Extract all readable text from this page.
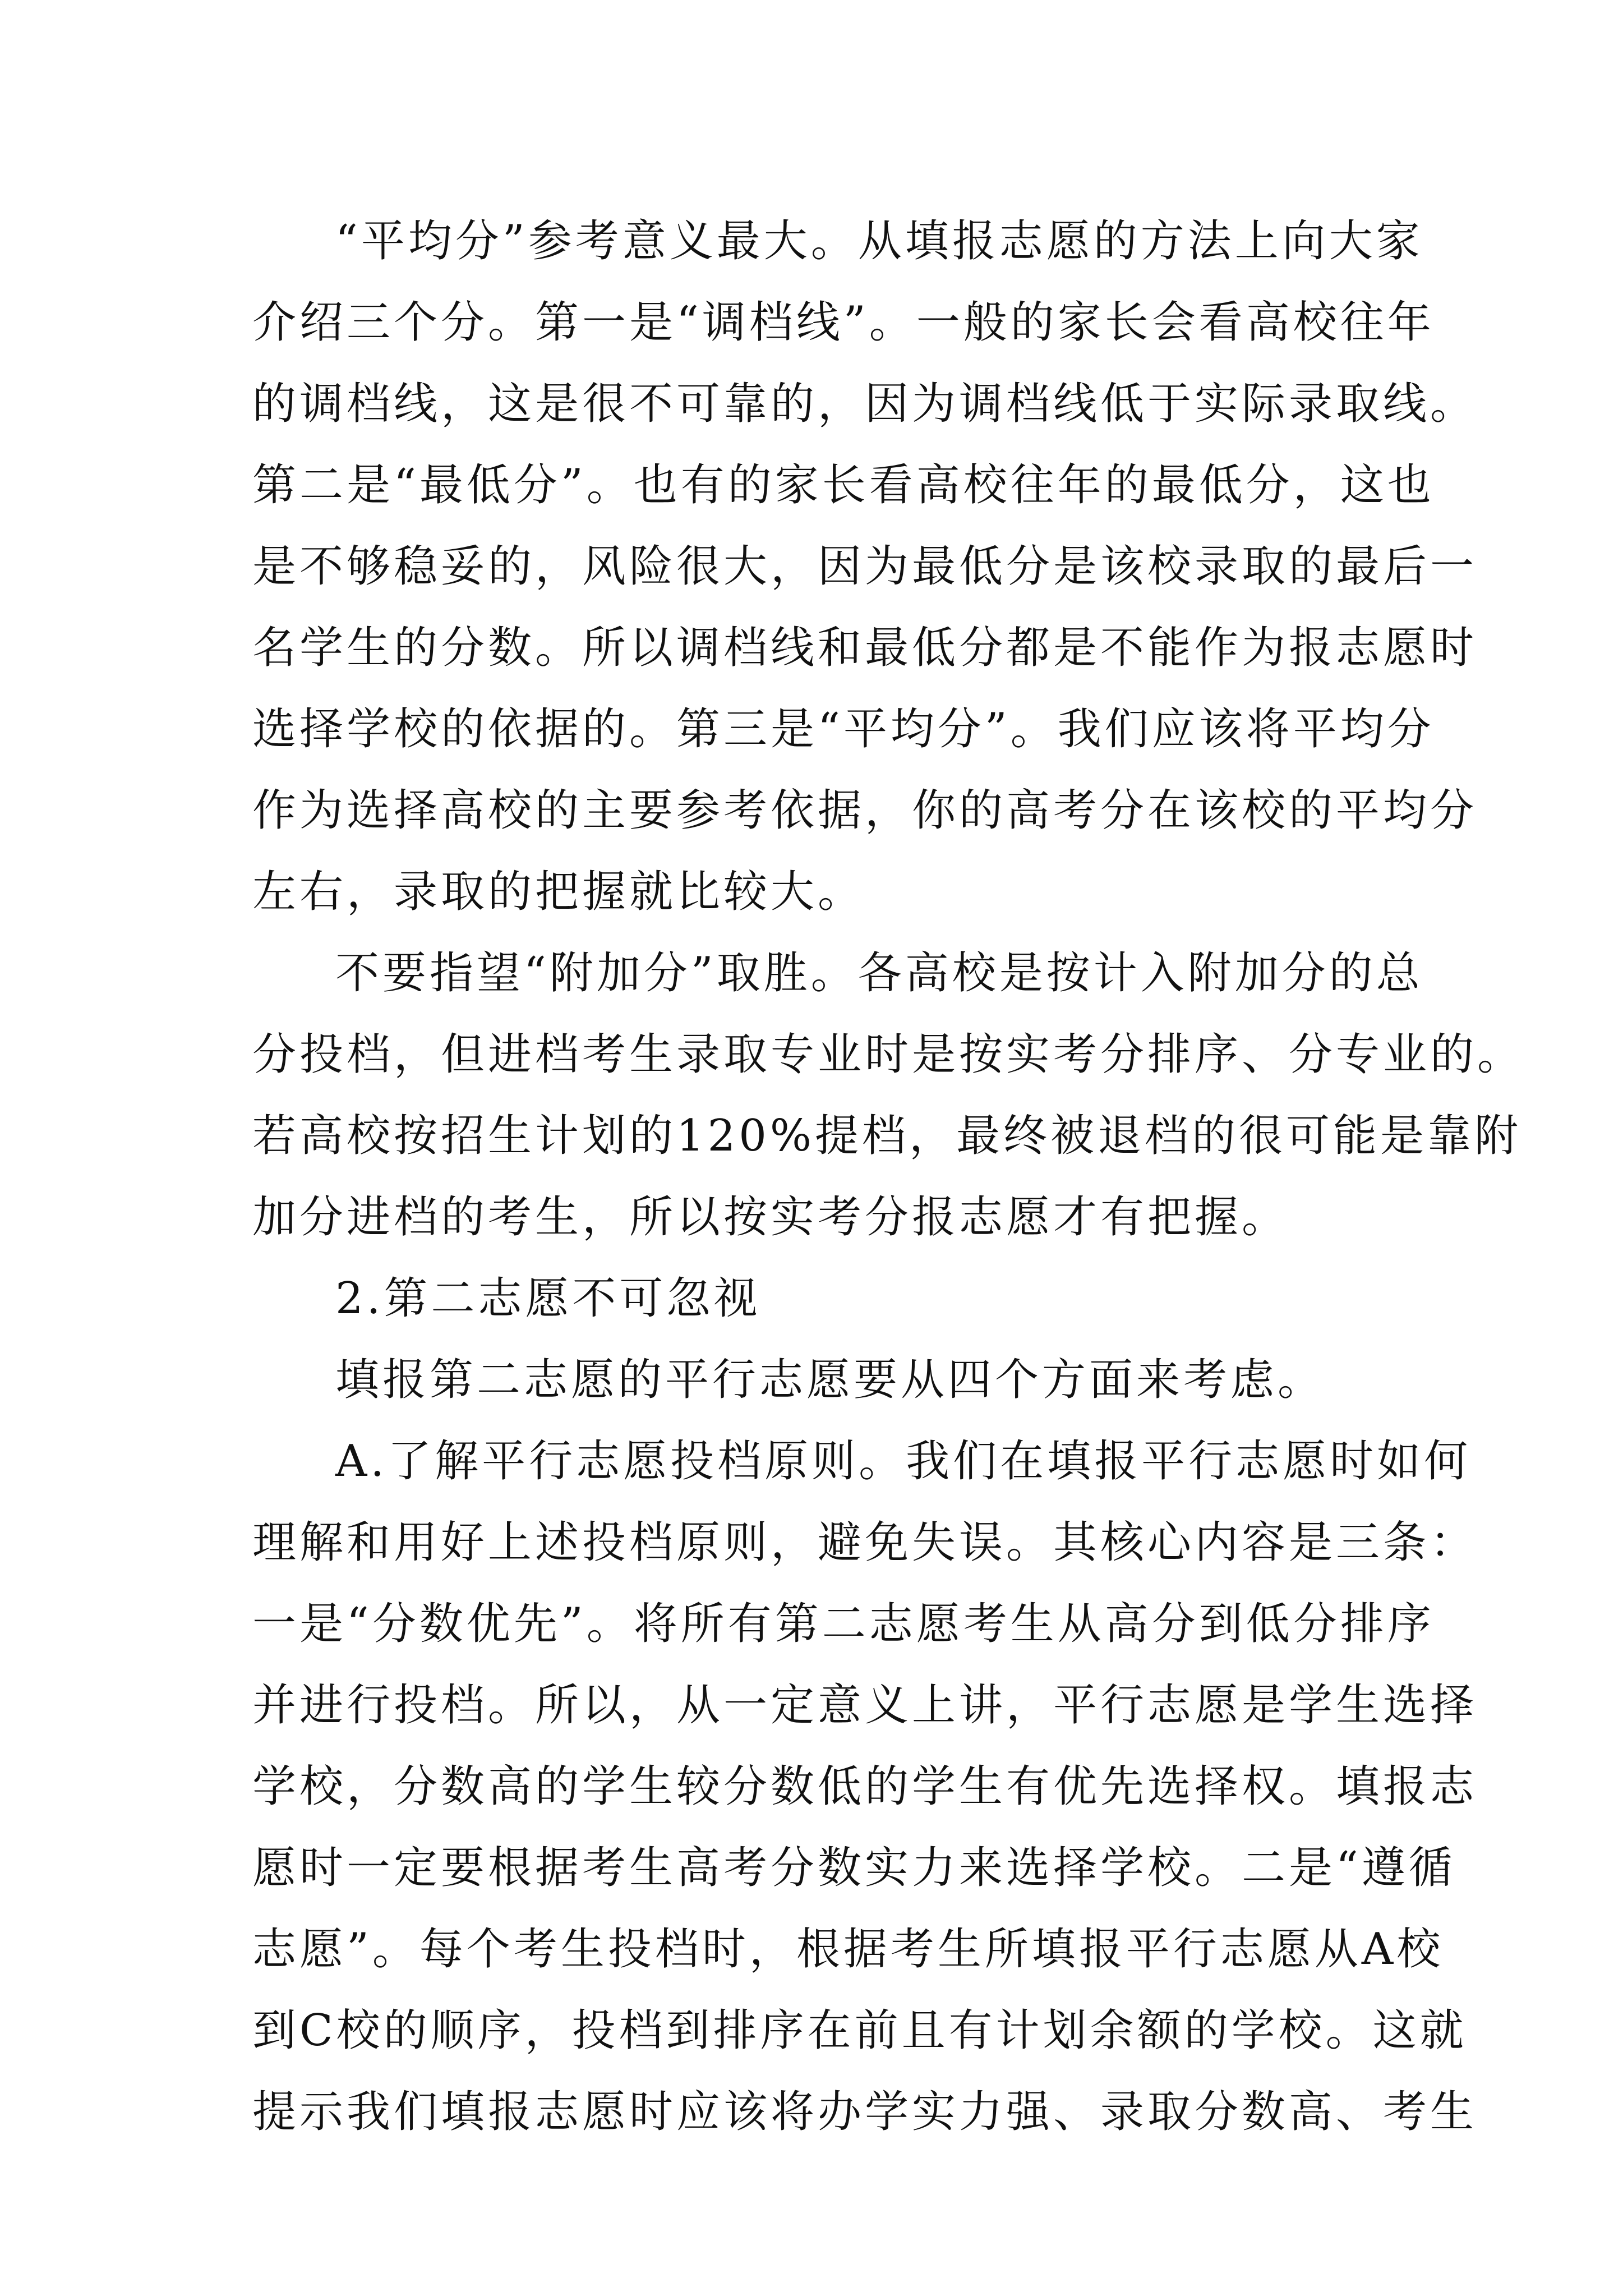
“平均分”参考意义最大。从填报志愿的方法上向大家
介绍三个分。第一是“调档线”。一般的家长会看高校往年
的调档线，这是很不可靠的，因为调档线低于实际录取线。
第二是“最低分”。也有的家长看高校往年的最低分，这也
是不够稳妥的，风险很大，因为最低分是该校录取的最后一
名学生的分数。所以调档线和最低分都是不能作为报志愿时
选择学校的依据的。第三是“平均分”。我们应该将平均分
作为选择高校的主要参考依据，你的高考分在该校的平均分
左右，录取的把握就比较大。
不要指望“附加分”取胜。各高校是按计入附加分的总
分投档，但进档考生录取专业时是按实考分排序、分专业的。
若高校按招生计划的120%提档，最终被退档的很可能是靠附
加分进档的考生，所以按实考分报志愿才有把握。
2.第二志愿不可忽视
填报第二志愿的平行志愿要从四个方面来考虑。
A.了解平行志愿投档原则。我们在填报平行志愿时如何
理解和用好上述投档原则，避免失误。其核心内容是三条：
一是“分数优先”。将所有第二志愿考生从高分到低分排序
并进行投档。所以，从一定意义上讲，平行志愿是学生选择
学校，分数高的学生较分数低的学生有优先选择权。填报志
愿时一定要根据考生高考分数实力来选择学校。二是“遵循
志愿”。每个考生投档时，根据考生所填报平行志愿从A校
到C校的顺序，投档到排序在前且有计划余额的学校。这就
提示我们填报志愿时应该将办学实力强、录取分数高、考生
